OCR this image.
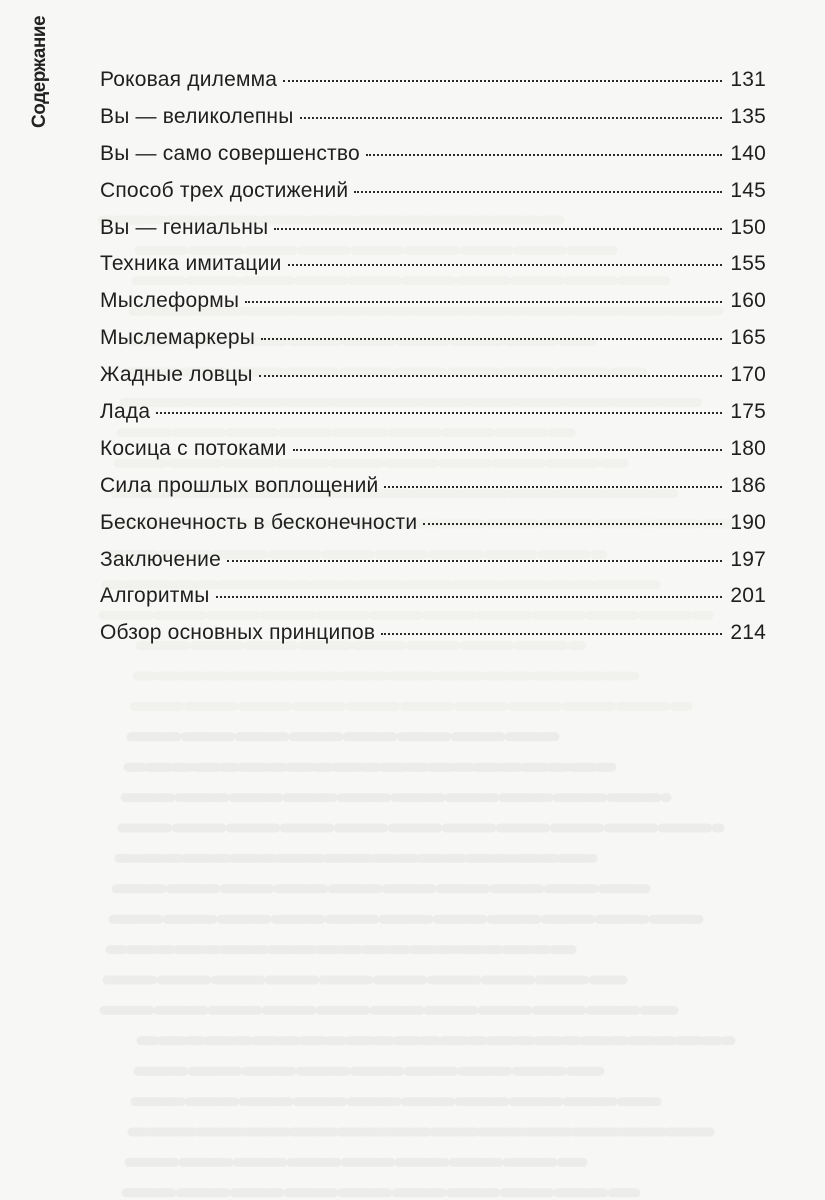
Содержание Роковая дилемма	131
Вы — великолепны	135
Вы — само совершенство	140
Способ трех достижений	145
Вы — гениальны	150
Техника имитации	155
Мыслеформы	160
Мыслемаркеры	165
Жадные ловцы	170
Лада	175
Косица с потоками	180
Сила прошлых воплощений	186
Бесконечность в бесконечности	190
Заключение	197
Алгоритмы	201
Обзор основных принципов	214
